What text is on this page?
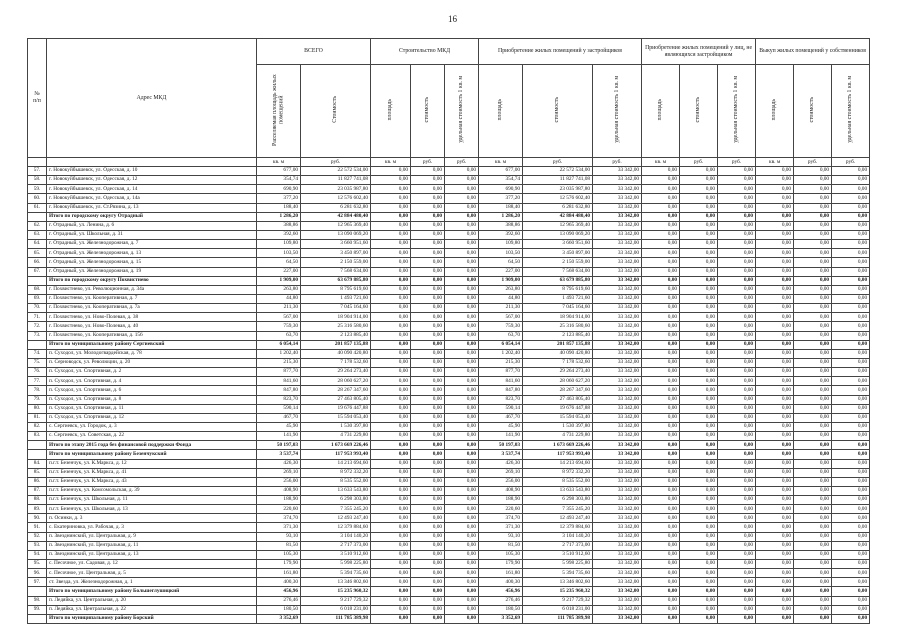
16
№
п/п	Адрес МКД	ВСЕГО		Строительство МКД			Приобретение жилых помещений у застройщиков			Приобретение жилых помещений у лиц, не являющихся застройщиком			Выкуп жилых помещений у собственников		
		Расселяемая площадь жилых помещений	Стоимость	площадь	стоимость	удельная стоимость 1 кв. м	площадь	стоимость	удельная стоимость 1 кв. м	площадь	стоимость	удельная стоимость 1 кв. м	площадь	стоимость	удельная стоимость 1 кв. м
		кв. м	руб.	кв. м	руб.	руб.	кв. м	руб.	руб.	кв. м	руб.	руб.	кв. м	руб.	руб.
57.	г. Новокуйбышевск, ул. Одесская, д. 10	677,00	22 572 534,00	0,00	0,00	0,00	677,00	22 572 534,00	33 342,00	0,00	0,00	0,00	0,00	0,00	0,00
58.	г. Новокуйбышевск, ул. Одесская, д. 12	354,74	11 827 741,08	0,00	0,00	0,00	354,74	11 827 741,08	33 342,00	0,00	0,00	0,00	0,00	0,00	0,00
59.	г. Новокуйбышевск, ул. Одесская, д. 14	690,90	23 035 987,80	0,00	0,00	0,00	690,90	23 035 987,80	33 342,00	0,00	0,00	0,00	0,00	0,00	0,00
60.	г. Новокуйбышевск, ул. Одесская, д. 14а	377,20	12 576 602,40	0,00	0,00	0,00	377,20	12 576 602,40	33 342,00	0,00	0,00	0,00	0,00	0,00	0,00
61.	г. Новокуйбышевск, ул. Ст.Рязина, д. 13	188,40	6 281 632,80	0,00	0,00	0,00	188,40	6 281 632,80	33 342,00	0,00	0,00	0,00	0,00	0,00	0,00
	Итого по городскому округу Отрадный	1 286,20	42 884 480,40	0,00	0,00	0,00	1 286,20	42 884 480,40	33 342,00	0,00	0,00	0,00	0,00	0,00	0,00
62.	г. Отрадный, ул. Ленина, д. 6	388,86	12 965 369,40	0,00	0,00	0,00	388,86	12 965 369,40	33 342,00	0,00	0,00	0,00	0,00	0,00	0,00
63.	г. Отрадный, ул. Школьная, д. 31	392,60	13 090 069,20	0,00	0,00	0,00	392,60	13 090 069,20	33 342,00	0,00	0,00	0,00	0,00	0,00	0,00
64.	г. Отрадный, ул. Железнодорожная, д. 7	109,80	3 660 951,60	0,00	0,00	0,00	109,80	3 660 951,60	33 342,00	0,00	0,00	0,00	0,00	0,00	0,00
65.	г. Отрадный, ул. Железнодорожная, д. 13	103,50	3 450 897,00	0,00	0,00	0,00	103,50	3 450 897,00	33 342,00	0,00	0,00	0,00	0,00	0,00	0,00
66.	г. Отрадный, ул. Железнодорожная, д. 15	64,50	2 150 559,00	0,00	0,00	0,00	64,50	2 150 559,00	33 342,00	0,00	0,00	0,00	0,00	0,00	0,00
67.	г. Отрадный, ул. Железнодорожная, д. 19	227,00	7 568 634,00	0,00	0,00	0,00	227,00	7 568 634,00	33 342,00	0,00	0,00	0,00	0,00	0,00	0,00
	Итого по городскому округу Похвистнево	1 909,00	63 679 885,80	0,00	0,00	0,00	1 909,00	63 679 885,80	33 342,00	0,00	0,00	0,00	0,00	0,00	0,00
68.	г. Похвистнево, ул. Революционная, д. 34а	263,80	8 795 619,60	0,00	0,00	0,00	263,80	8 795 619,60	33 342,00	0,00	0,00	0,00	0,00	0,00	0,00
69.	г. Похвистнево, ул. Кооперативная, д. 7	44,80	1 493 721,60	0,00	0,00	0,00	44,80	1 493 721,60	33 342,00	0,00	0,00	0,00	0,00	0,00	0,00
70.	г. Похвистнево, ул. Кооперативная, д. 7а	211,30	7 045 164,60	0,00	0,00	0,00	211,30	7 045 164,60	33 342,00	0,00	0,00	0,00	0,00	0,00	0,00
71.	г. Похвистнево, ул. Ново-Полевая, д. 38	567,00	18 904 914,00	0,00	0,00	0,00	567,00	18 904 914,00	33 342,00	0,00	0,00	0,00	0,00	0,00	0,00
72.	г. Похвистнево, ул. Ново-Полевая, д. 40	759,30	25 316 580,60	0,00	0,00	0,00	759,30	25 316 580,60	33 342,00	0,00	0,00	0,00	0,00	0,00	0,00
73.	г. Похвистнево, ул. Кооперативная, д. 156	63,70	2 123 885,40	0,00	0,00	0,00	63,70	2 123 885,40	33 342,00	0,00	0,00	0,00	0,00	0,00	0,00
	Итого по муниципальному району Сергиевский	6 054,14	201 857 135,88	0,00	0,00	0,00	6 054,14	201 857 135,88	33 342,00	0,00	0,00	0,00	0,00	0,00	0,00
74.	п. Суходол, ул. Молодогвардейская, д. 78	1 202,40	40 090 420,80	0,00	0,00	0,00	1 202,40	40 090 420,80	33 342,00	0,00	0,00	0,00	0,00	0,00	0,00
75.	п. Серноводск, ул. Революции, д. 20	215,30	7 178 532,60	0,00	0,00	0,00	215,30	7 178 532,60	33 342,00	0,00	0,00	0,00	0,00	0,00	0,00
76.	п. Суходол, ул. Спортивная, д. 2	877,70	29 264 273,40	0,00	0,00	0,00	877,70	29 264 273,40	33 342,00	0,00	0,00	0,00	0,00	0,00	0,00
77.	п. Суходол, ул. Спортивная, д. 4	841,60	28 060 627,20	0,00	0,00	0,00	841,60	28 060 627,20	33 342,00	0,00	0,00	0,00	0,00	0,00	0,00
78.	п. Суходол, ул. Спортивная, д. 6	847,80	28 267 347,60	0,00	0,00	0,00	847,80	28 267 347,60	33 342,00	0,00	0,00	0,00	0,00	0,00	0,00
79.	п. Суходол, ул. Спортивная, д. 8	823,70	27 463 805,40	0,00	0,00	0,00	823,70	27 463 805,40	33 342,00	0,00	0,00	0,00	0,00	0,00	0,00
80.	п. Суходол, ул. Спортивная, д. 11	590,14	19 676 447,88	0,00	0,00	0,00	590,14	19 676 447,88	33 342,00	0,00	0,00	0,00	0,00	0,00	0,00
81.	п. Суходол, ул. Спортивная, д. 12	467,70	15 594 053,40	0,00	0,00	0,00	467,70	15 594 053,40	33 342,00	0,00	0,00	0,00	0,00	0,00	0,00
82.	с. Сергиевск, ул. Городок, д. 3	45,90	1 530 397,80	0,00	0,00	0,00	45,90	1 530 397,80	33 342,00	0,00	0,00	0,00	0,00	0,00	0,00
83.	с. Сергиевск, ул. Советская, д. 22	141,90	4 731 229,80	0,00	0,00	0,00	141,90	4 731 229,80	33 342,00	0,00	0,00	0,00	0,00	0,00	0,00
	Итого по этапу 2015 года без финансовой поддержки Фонда	50 197,03	1 673 669 226,46	0,00	0,00	0,00	50 197,03	1 673 669 226,46	33 342,00	0,00	0,00	0,00	0,00	0,00	0,00
	Итого по муниципальному району Безенчукский	3 537,74	117 953 993,40	0,00	0,00	0,00	3 537,74	117 953 993,40	33 342,00	0,00	0,00	0,00	0,00	0,00	0,00
84.	п.г.т. Безенчук, ул. К.Маркса, д. 12	426,30	14 213 694,60	0,00	0,00	0,00	426,30	14 213 694,60	33 342,00	0,00	0,00	0,00	0,00	0,00	0,00
85.	п.г.т. Безенчук, ул. К.Маркса, д. 41	269,10	8 972 332,20	0,00	0,00	0,00	269,10	8 972 332,20	33 342,00	0,00	0,00	0,00	0,00	0,00	0,00
86.	п.г.т. Безенчук, ул. К.Маркса, д. 43	256,00	8 535 552,00	0,00	0,00	0,00	256,00	8 535 552,00	33 342,00	0,00	0,00	0,00	0,00	0,00	0,00
87.	п.г.т. Безенчук, ул. Комсомольская, д. 39	408,90	13 633 543,80	0,00	0,00	0,00	408,90	13 633 543,80	33 342,00	0,00	0,00	0,00	0,00	0,00	0,00
88.	п.г.т. Безенчук, ул. Школьная, д. 11	188,90	6 298 303,80	0,00	0,00	0,00	188,90	6 298 303,80	33 342,00	0,00	0,00	0,00	0,00	0,00	0,00
89.	п.г.т. Безенчук, ул. Школьная, д. 13	220,60	7 355 245,20	0,00	0,00	0,00	220,60	7 355 245,20	33 342,00	0,00	0,00	0,00	0,00	0,00	0,00
90.	п. Осинки, д. 3	374,70	12 493 247,40	0,00	0,00	0,00	374,70	12 493 247,40	33 342,00	0,00	0,00	0,00	0,00	0,00	0,00
91.	с. Екатериновка, ул. Рабочая, д. 3	371,30	12 379 884,60	0,00	0,00	0,00	371,30	12 379 884,60	33 342,00	0,00	0,00	0,00	0,00	0,00	0,00
92.	п. Звезднинский, ул. Центральная, д. 9	93,10	3 104 140,20	0,00	0,00	0,00	93,10	3 104 140,20	33 342,00	0,00	0,00	0,00	0,00	0,00	0,00
93.	п. Звезднинский, ул. Центральная, д. 11	81,50	2 717 373,00	0,00	0,00	0,00	81,50	2 717 373,00	33 342,00	0,00	0,00	0,00	0,00	0,00	0,00
94.	п. Звезднинский, ул. Центральная, д. 13	105,30	3 510 912,60	0,00	0,00	0,00	105,30	3 510 912,60	33 342,00	0,00	0,00	0,00	0,00	0,00	0,00
95.	с. Песочное, ул. Садовая, д. 12	179,90	5 998 225,80	0,00	0,00	0,00	179,90	5 998 225,80	33 342,00	0,00	0,00	0,00	0,00	0,00	0,00
96.	с. Песочное, ул. Центральная, д. 5	161,80	5 394 735,60	0,00	0,00	0,00	161,80	5 394 735,60	33 342,00	0,00	0,00	0,00	0,00	0,00	0,00
97.	ст. Звезда, ул. Железнодорожная, д. 1	400,30	13 346 802,60	0,00	0,00	0,00	400,30	13 346 802,60	33 342,00	0,00	0,00	0,00	0,00	0,00	0,00
	Итого по муниципальному району Большеглушицкий	456,96	15 235 960,32	0,00	0,00	0,00	456,96	15 235 960,32	33 342,00	0,00	0,00	0,00	0,00	0,00	0,00
98.	п. Ледяйка, ул. Центральная, д. 20	276,46	9 217 729,32	0,00	0,00	0,00	276,46	9 217 729,32	33 342,00	0,00	0,00	0,00	0,00	0,00	0,00
99.	п. Ледяйка, ул. Центральная, д. 22	180,50	6 018 231,00	0,00	0,00	0,00	180,50	6 018 231,00	33 342,00	0,00	0,00	0,00	0,00	0,00	0,00
	Итого по муниципальному району Борский	3 352,69	111 785 389,98	0,00	0,00	0,00	3 352,69	111 785 389,98	33 342,00	0,00	0,00	0,00	0,00	0,00	0,00
